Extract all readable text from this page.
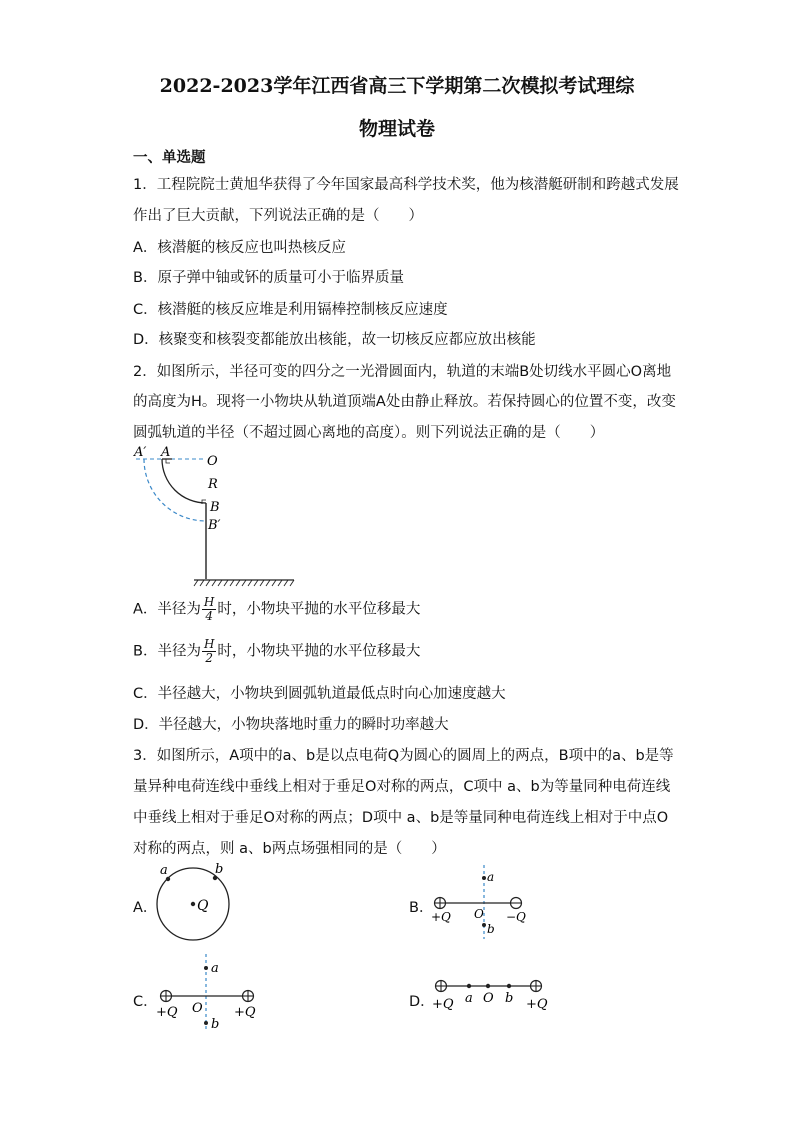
2022-2023学年江西省高三下学期第二次模拟考试理综
物理试卷
一、单选题
1．工程院院士黄旭华获得了今年国家最高科学技术奖，他为核潜艇研制和跨越式发展
作出了巨大贡献，下列说法正确的是（　　）
A．核潜艇的核反应也叫热核反应
B．原子弹中铀或钚的质量可小于临界质量
C．核潜艇的核反应堆是利用镉棒控制核反应速度
D．核聚变和核裂变都能放出核能，故一切核反应都应放出核能
2．如图所示，半径可变的四分之一光滑圆面内，轨道的末端B处切线水平圆心O离地
的高度为H。现将一小物块从轨道顶端A处由静止释放。若保持圆心的位置不变，改变
圆弧轨道的半径（不超过圆心离地的高度）。则下列说法正确的是（　　）
A′ A
O
R
B
B′
A．半径为 $\frac{H}{4}$ 时，小物块平抛的水平位移最大
B．半径为 $\frac{H}{2}$ 时，小物块平抛的水平位移最大
C．半径越大，小物块到圆弧轨道最低点时向心加速度越大
D．半径越大，小物块落地时重力的瞬时功率越大
3．如图所示，A项中的a、b是以点电荷Q为圆心的圆周上的两点，B项中的a、b是等
量异种电荷连线中垂线上相对于垂足O对称的两点，C项中 a、b为等量同种电荷连线
中垂线上相对于垂足O对称的两点；D项中 a、b是等量同种电荷连线上相对于中点O
对称的两点，则 a、b两点场强相同的是（　　）
A．
a	b
Q	B．
a
b
O
+Q	−Q
C．
a
b
O
+Q	+Q
D． a O b
+Q	+Q
